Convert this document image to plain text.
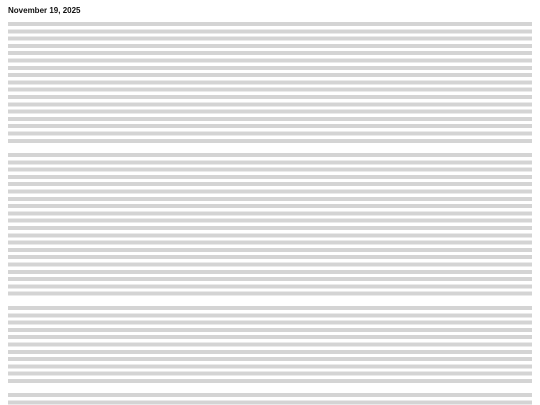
November 19, 2025
